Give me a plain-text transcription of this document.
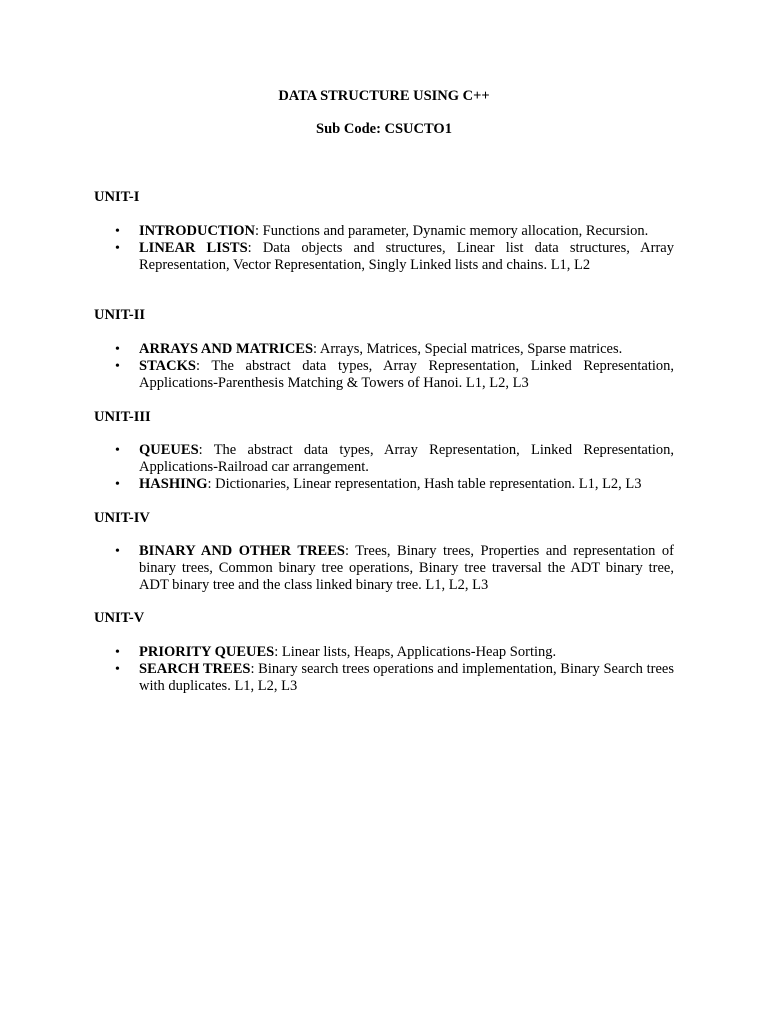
DATA STRUCTURE USING C++
Sub Code: CSUCTO1
UNIT-I
• INTRODUCTION: Functions and parameter, Dynamic memory allocation, Recursion.
• LINEAR LISTS: Data objects and structures, Linear list data structures, Array Representation, Vector Representation, Singly Linked lists and chains. L1, L2
UNIT-II
• ARRAYS AND MATRICES: Arrays, Matrices, Special matrices, Sparse matrices.
• STACKS: The abstract data types, Array Representation, Linked Representation, Applications-Parenthesis Matching & Towers of Hanoi. L1, L2, L3
UNIT-III
• QUEUES: The abstract data types, Array Representation, Linked Representation, Applications-Railroad car arrangement.
• HASHING: Dictionaries, Linear representation, Hash table representation. L1, L2, L3
UNIT-IV
• BINARY AND OTHER TREES: Trees, Binary trees, Properties and representation of binary trees, Common binary tree operations, Binary tree traversal the ADT binary tree, ADT binary tree and the class linked binary tree. L1, L2, L3
UNIT-V
• PRIORITY QUEUES: Linear lists, Heaps, Applications-Heap Sorting.
• SEARCH TREES: Binary search trees operations and implementation, Binary Search trees with duplicates. L1, L2, L3
